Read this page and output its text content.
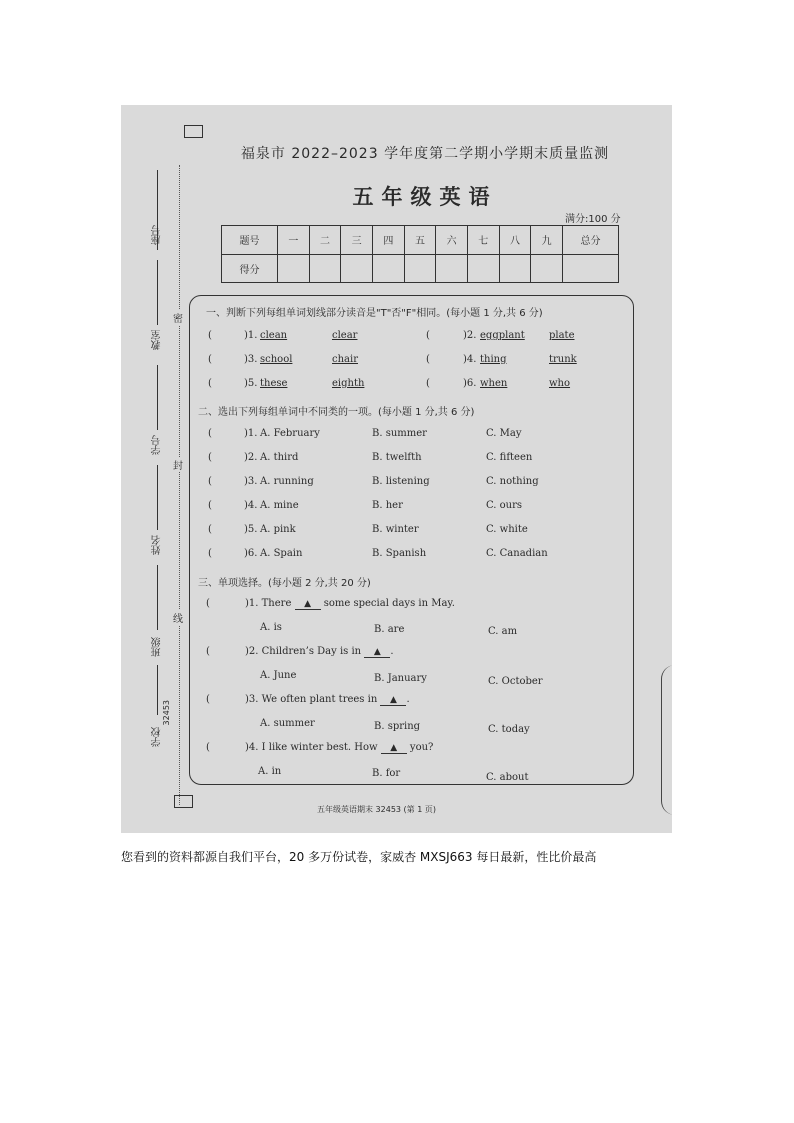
座号
教室
学号
姓名
班级
学校
32453
密
封
线
福泉市 2022–2023 学年度第二学期小学期末质量监测
五年级英语
满分:100 分
题号	一	二	三	四	五	六	七	八	九	总分
得分										
一、判断下列每组单词划线部分读音是"T"否"F"相同。(每小题 1 分,共 6 分)
(	)1. clean	clear	(	)2. eggplant plate
(	)3. school	chair	(	)4. thing	trunk
(	)5. these	eighth	(	)6. when	who
二、选出下列每组单词中不同类的一项。(每小题 1 分,共 6 分)
(	)1. A. February	B. summer	C. May
(	)2. A. third	B. twelfth	C. fifteen
(	)3. A. running	B. listening	C. nothing
(	)4. A. mine	B. her	C. ours
(	)5. A. pink	B. winter	C. white
(	)6. A. Spain	B. Spanish	C. Canadian
三、单项选择。(每小题 2 分,共 20 分)
(	)1. There ▲ some special days in May.
A. is	B. are	C. am
(	)2. Children’s Day is in ▲ .
A. June	B. January	C. October
(	)3. We often plant trees in ▲ .
A. summer	B. spring	C. today
(	)4. I like winter best. How ▲ you?
A. in	B. for	C. about
五年级英语期末 32453 (第 1 页)
您看到的资料都源自我们平台，20 多万份试卷，家威杏 MXSJ663 每日最新，性比价最高
